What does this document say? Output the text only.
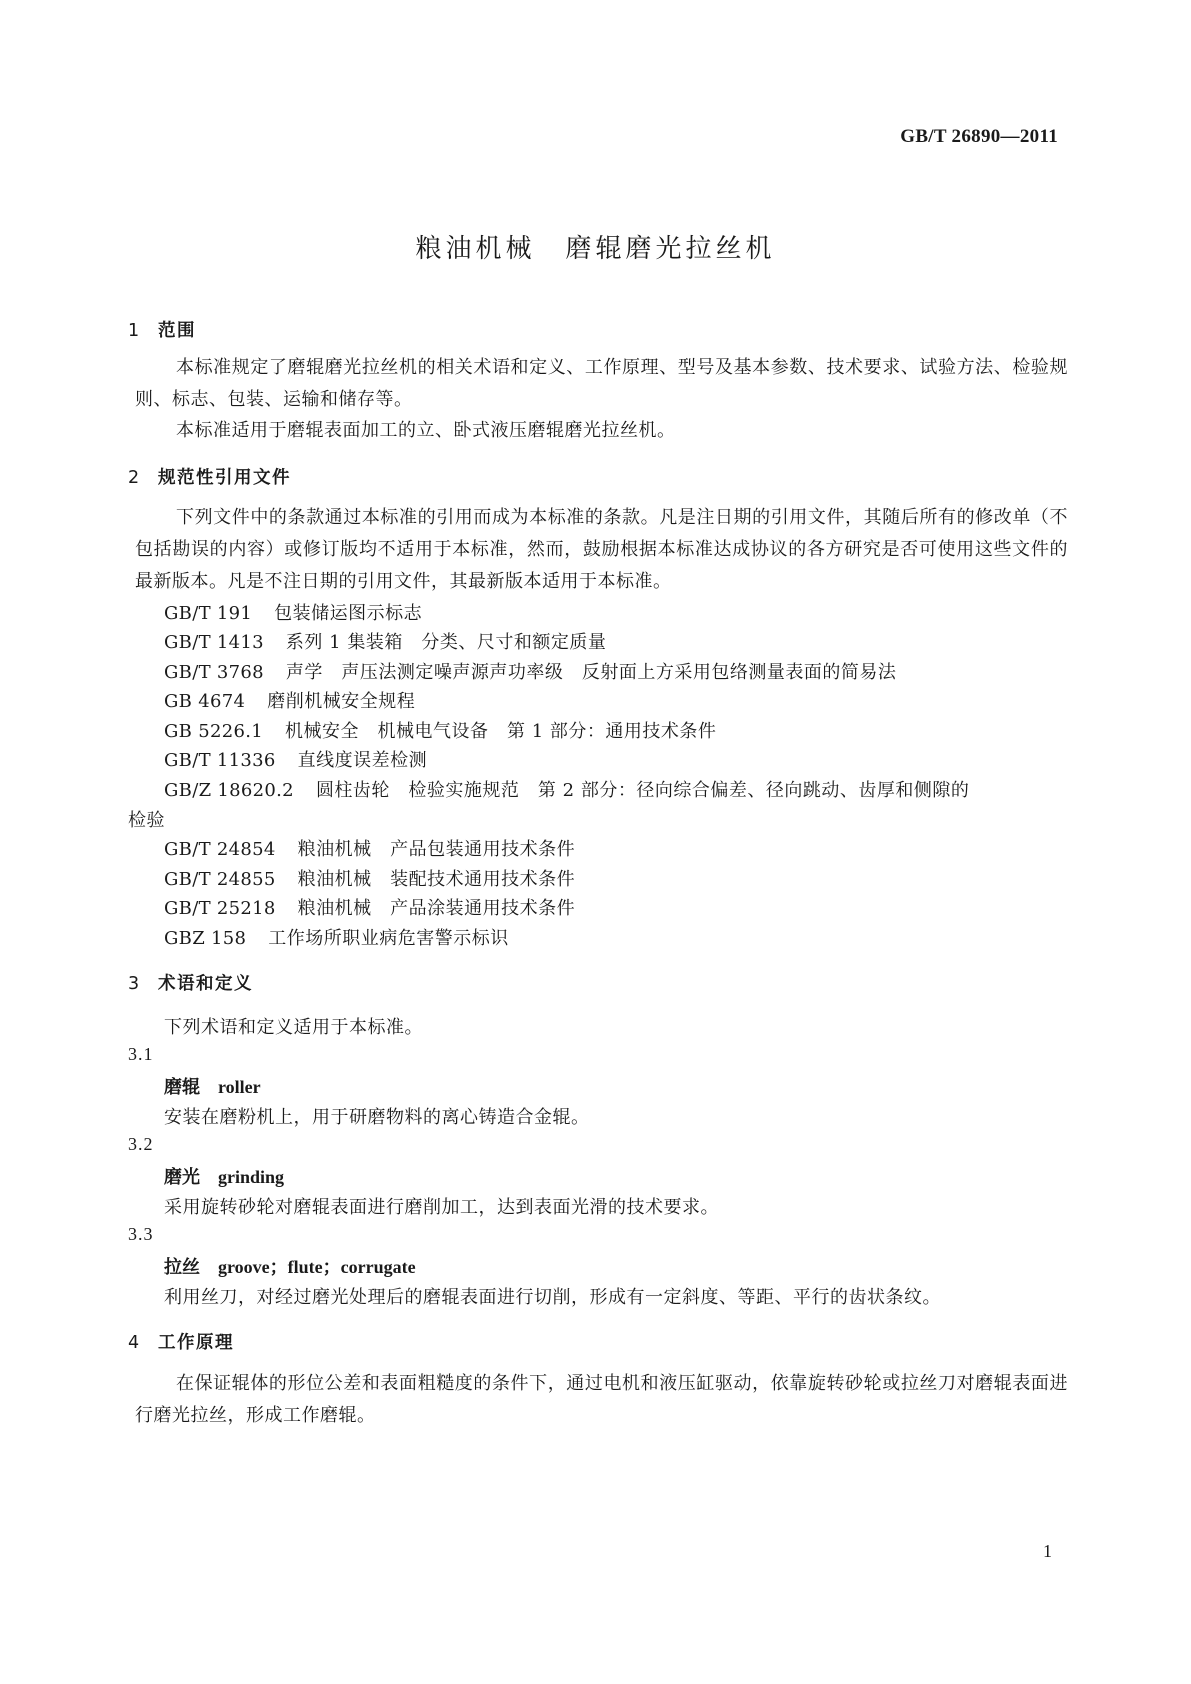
GB/T 26890—2011
粮油机械　磨辊磨光拉丝机
1 范围
本标准规定了磨辊磨光拉丝机的相关术语和定义、工作原理、型号及基本参数、技术要求、试验方法、检验规则、标志、包装、运输和储存等。
本标准适用于磨辊表面加工的立、卧式液压磨辊磨光拉丝机。
2 规范性引用文件
下列文件中的条款通过本标准的引用而成为本标准的条款。凡是注日期的引用文件，其随后所有的修改单（不包括勘误的内容）或修订版均不适用于本标准，然而，鼓励根据本标准达成协议的各方研究是否可使用这些文件的最新版本。凡是不注日期的引用文件，其最新版本适用于本标准。
GB/T 191 包装储运图示标志
GB/T 1413 系列 1 集装箱　分类、尺寸和额定质量
GB/T 3768 声学　声压法测定噪声源声功率级　反射面上方采用包络测量表面的简易法
GB 4674 磨削机械安全规程
GB 5226.1 机械安全　机械电气设备　第 1 部分：通用技术条件
GB/T 11336 直线度误差检测
GB/Z 18620.2 圆柱齿轮　检验实施规范　第 2 部分：径向综合偏差、径向跳动、齿厚和侧隙的
检验
GB/T 24854 粮油机械　产品包装通用技术条件
GB/T 24855 粮油机械　装配技术通用技术条件
GB/T 25218 粮油机械　产品涂装通用技术条件
GBZ 158 工作场所职业病危害警示标识
3 术语和定义
下列术语和定义适用于本标准。
3.1
磨辊 roller
安装在磨粉机上，用于研磨物料的离心铸造合金辊。
3.2
磨光 grinding
采用旋转砂轮对磨辊表面进行磨削加工，达到表面光滑的技术要求。
3.3
拉丝 groove；flute；corrugate
利用丝刀，对经过磨光处理后的磨辊表面进行切削，形成有一定斜度、等距、平行的齿状条纹。
4 工作原理
在保证辊体的形位公差和表面粗糙度的条件下，通过电机和液压缸驱动，依靠旋转砂轮或拉丝刀对磨辊表面进行磨光拉丝，形成工作磨辊。
1
